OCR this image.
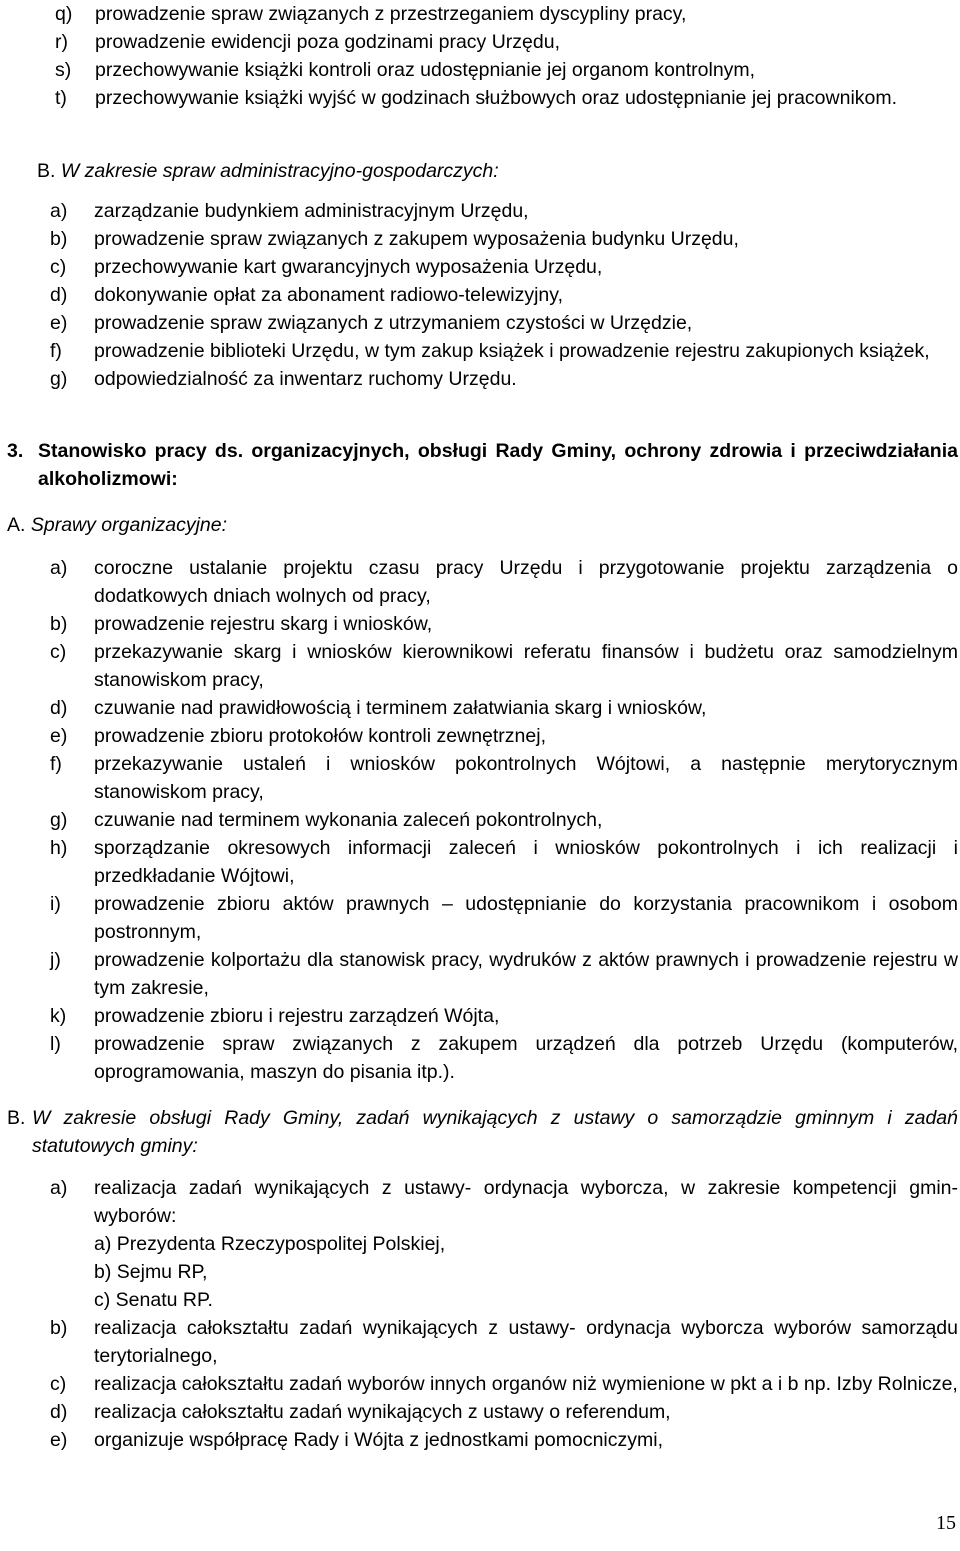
q)	prowadzenie spraw związanych z przestrzeganiem dyscypliny pracy,
r)	prowadzenie ewidencji poza godzinami pracy Urzędu,
s)	przechowywanie książki kontroli oraz udostępnianie jej organom kontrolnym,
t)	przechowywanie książki wyjść w godzinach służbowych oraz udostępnianie jej pracownikom.
B. W zakresie spraw administracyjno-gospodarczych:
a)	zarządzanie budynkiem administracyjnym Urzędu,
b)	prowadzenie spraw związanych z zakupem wyposażenia budynku Urzędu,
c)	przechowywanie kart gwarancyjnych wyposażenia Urzędu,
d)	dokonywanie opłat za abonament radiowo-telewizyjny,
e)	prowadzenie spraw związanych z utrzymaniem czystości w Urzędzie,
f)	prowadzenie biblioteki Urzędu, w tym zakup książek i prowadzenie rejestru zakupionych książek,
g)	odpowiedzialność za inwentarz ruchomy Urzędu.
3. Stanowisko pracy ds. organizacyjnych, obsługi Rady Gminy, ochrony zdrowia i przeciwdziałania alkoholizmowi:
A. Sprawy organizacyjne:
a)	coroczne ustalanie projektu czasu pracy Urzędu i przygotowanie projektu zarządzenia o dodatkowych dniach wolnych od pracy,
b)	prowadzenie rejestru skarg i wniosków,
c)	przekazywanie skarg i wniosków kierownikowi referatu finansów i budżetu oraz samodzielnym stanowiskom pracy,
d)	czuwanie nad prawidłowością i terminem załatwiania skarg i wniosków,
e)	prowadzenie zbioru protokołów kontroli zewnętrznej,
f)	przekazywanie ustaleń i wniosków pokontrolnych Wójtowi, a następnie merytorycznym stanowiskom pracy,
g)	czuwanie nad terminem wykonania zaleceń pokontrolnych,
h)	sporządzanie okresowych informacji zaleceń i wniosków pokontrolnych i ich realizacji i przedkładanie Wójtowi,
i)	prowadzenie zbioru aktów prawnych – udostępnianie do korzystania pracownikom i osobom postronnym,
j)	prowadzenie kolportażu dla stanowisk pracy, wydruków z aktów prawnych i prowadzenie rejestru w tym zakresie,
k)	prowadzenie zbioru i rejestru zarządzeń Wójta,
l)	prowadzenie spraw związanych z zakupem urządzeń dla potrzeb Urzędu (komputerów, oprogramowania, maszyn do pisania itp.).
B. W zakresie obsługi Rady Gminy, zadań wynikających z ustawy o samorządzie gminnym i zadań statutowych gminy:
a)	realizacja zadań wynikających z ustawy- ordynacja wyborcza, w zakresie kompetencji gmin- wyborów:
a) Prezydenta Rzeczypospolitej Polskiej,
b) Sejmu RP,
c) Senatu RP.
b)	realizacja całokształtu zadań wynikających z ustawy- ordynacja wyborcza wyborów samorządu terytorialnego,
c)	realizacja całokształtu zadań wyborów innych organów niż wymienione w pkt a i b np. Izby Rolnicze,
d)	realizacja całokształtu zadań wynikających z ustawy o referendum,
e)	organizuje współpracę Rady i Wójta z jednostkami pomocniczymi,
15
